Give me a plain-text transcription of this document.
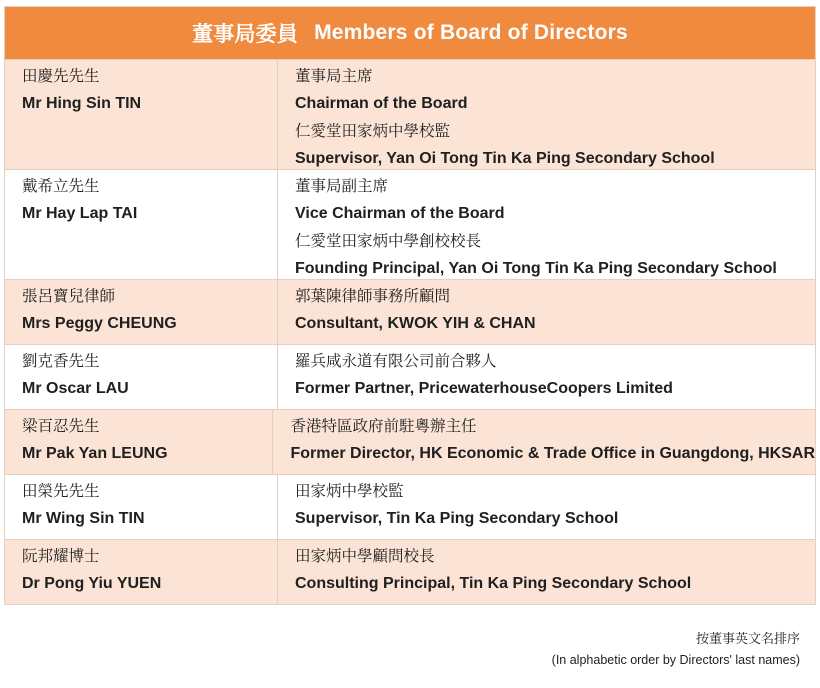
董事局委員 Members of Board of Directors
田慶先先生
Mr Hing Sin TIN
董事局主席
Chairman of the Board
仁愛堂田家炳中學校監
Supervisor, Yan Oi Tong Tin Ka Ping Secondary School
戴希立先生
Mr Hay Lap TAI
董事局副主席
Vice Chairman of the Board
仁愛堂田家炳中學創校校長
Founding Principal, Yan Oi Tong Tin Ka Ping Secondary School
張呂寶兒律師
Mrs Peggy CHEUNG
郭葉陳律師事務所顧問
Consultant, KWOK YIH & CHAN
劉克香先生
Mr Oscar LAU
羅兵咸永道有限公司前合夥人
Former Partner, PricewaterhouseCoopers Limited
梁百忍先生
Mr Pak Yan LEUNG
香港特區政府前駐粵辦主任
Former Director, HK Economic & Trade Office in Guangdong, HKSAR
田榮先先生
Mr Wing Sin TIN
田家炳中學校監
Supervisor, Tin Ka Ping Secondary School
阮邦耀博士
Dr Pong Yiu YUEN
田家炳中學顧問校長
Consulting Principal, Tin Ka Ping Secondary School
按董事英文名排序
(In alphabetic order by Directors' last names)
